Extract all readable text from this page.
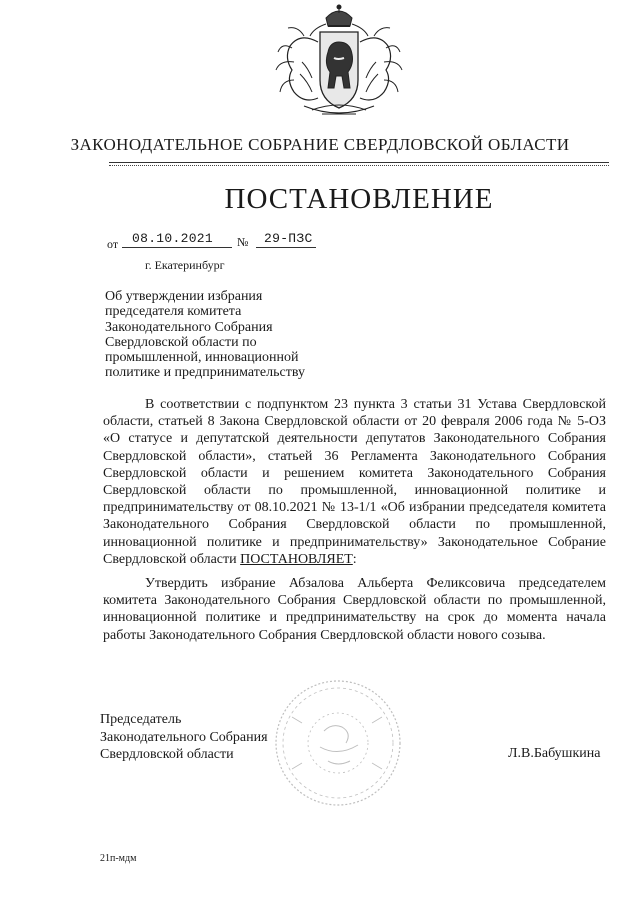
ЗАКОНОДАТЕЛЬНОЕ СОБРАНИЕ СВЕРДЛОВСКОЙ ОБЛАСТИ
ПОСТАНОВЛЕНИЕ
от 08.10.2021 № 29-ПЗС
г. Екатеринбург
Об утверждении избрания
председателя комитета
Законодательного Собрания
Свердловской области по
промышленной, инновационной
политике и предпринимательству

В соответствии с подпунктом 23 пункта 3 статьи 31 Устава Свердловской области, статьей 8 Закона Свердловской области от 20 февраля 2006 года № 5-ОЗ «О статусе и депутатской деятельности депутатов Законодательного Собрания Свердловской области», статьей 36 Регламента Законодательного Собрания Свердловской области и решением комитета Законодательного Собрания Свердловской области по промышленной, инновационной политике и предпринимательству от 08.10.2021 № 13-1/1 «Об избрании председателя комитета Законодательного Собрания Свердловской области по промышленной, инновационной политике и предпринимательству» Законодательное Собрание Свердловской области ПОСТАНОВЛЯЕТ:

Утвердить избрание Абзалова Альберта Феликсовича председателем комитета Законодательного Собрания Свердловской области по промышленной, инновационной политике и предпринимательству на срок до момента начала работы Законодательного Собрания Свердловской области нового созыва.

Председатель
Законодательного Собрания
Свердловской области	Л.В.Бабушкина
21п-мдм
